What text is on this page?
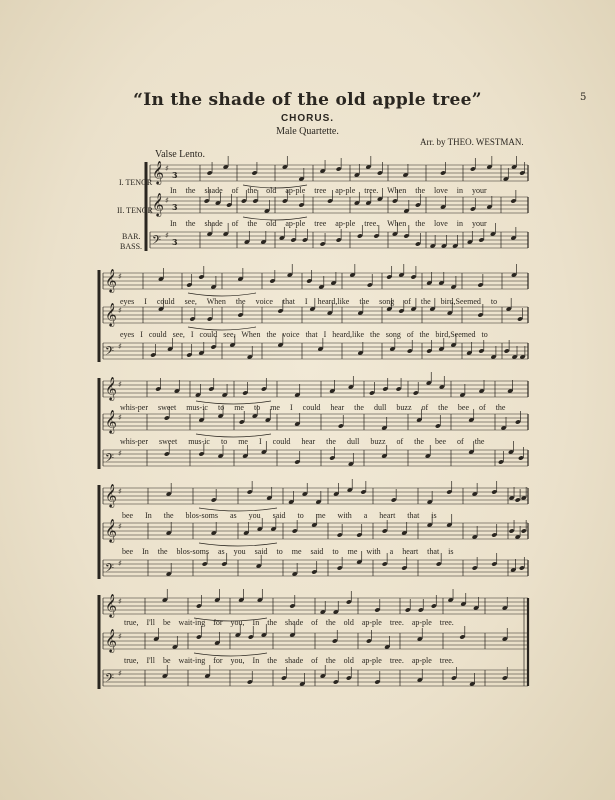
“In the shade of the old apple tree”	5
CHORUS.
Male Quartette.
Arr. by THEO. WESTMAN.
Valse Lento.
I. TENOR
II. TENOR
BAR.
BASS.
In the shade of the old ap-ple tree ap-ple tree. When the love in your
In the shade of the old ap-ple tree ap-ple tree. When the love in your
eyes I could see, When the voice that I heard,like the song of the bird,Seemed to
eyes I could see, I could see, When the voice that I heard,like the song of the bird,Seemed to
whis-per sweet mus-ic to me to me I could hear the dull buzz of the bee of the
whis-per sweet mus-ic to me I could hear the dull buzz of the bee of the
bee In the blos-soms as you said to me with a heart that is
bee In the blos-soms as you said to me said to me with a heart that is
true, I'll be wait-ing for you, In the shade of the old ap-ple tree. ap-ple tree.
true, I'll be wait-ing for you, In the shade of the old ap-ple tree. ap-ple tree.
𝄞 ♯
3
𝄞 ♯
3
𝄢 ♯
3
𝄞 ♯
𝄞 ♯
𝄢 ♯
𝄞 ♯
𝄞 ♯
𝄢 ♯
𝄞 ♯
𝄞 ♯
𝄢 ♯
𝄞 ♯
𝄞 ♯
𝄢 ♯
